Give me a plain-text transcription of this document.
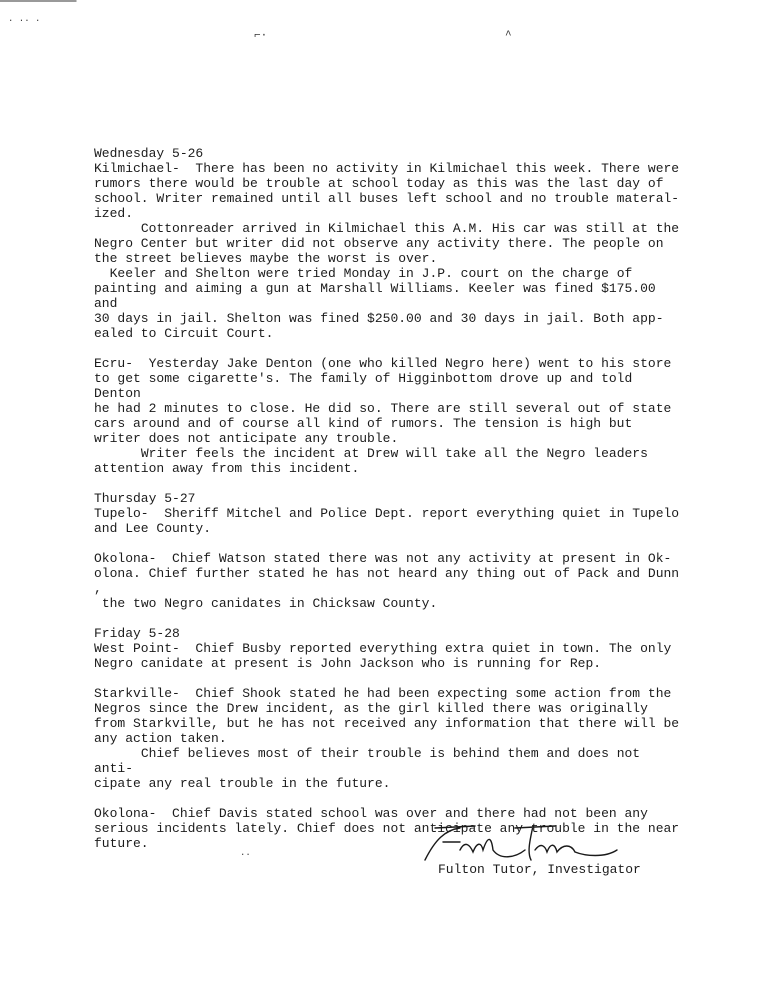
· ·· ·
⌐·	^
··
Wednesday 5-26
Kilmichael-  There has been no activity in Kilmichael this week. There were
rumors there would be trouble at school today as this was the last day of
school. Writer remained until all buses left school and no trouble materal-
ized.
Cottonreader arrived in Kilmichael this A.M. His car was still at the
Negro Center but writer did not observe any activity there. The people on
the street believes maybe the worst is over.
Keeler and Shelton were tried Monday in J.P. court on the charge of
painting and aiming a gun at Marshall Williams. Keeler was fined $175.00 and
30 days in jail. Shelton was fined $250.00 and 30 days in jail. Both app-
ealed to Circuit Court.
Ecru-  Yesterday Jake Denton (one who killed Negro here) went to his store
to get some cigarette's. The family of Higginbottom drove up and told Denton
he had 2 minutes to close. He did so. There are still several out of state
cars around and of course all kind of rumors. The tension is high but
writer does not anticipate any trouble.
Writer feels the incident at Drew will take all the Negro leaders
attention away from this incident.
Thursday 5-27
Tupelo-  Sheriff Mitchel and Police Dept. report everything quiet in Tupelo
and Lee County.
Okolona-  Chief Watson stated there was not any activity at present in Ok-
olona. Chief further stated he has not heard any thing out of Pack and Dunn ,
the two Negro canidates in Chicksaw County.
Friday 5-28
West Point-  Chief Busby reported everything extra quiet in town. The only
Negro canidate at present is John Jackson who is running for Rep.
Starkville-  Chief Shook stated he had been expecting some action from the
Negros since the Drew incident, as the girl killed there was originally
from Starkville, but he has not received any information that there will be
any action taken.
Chief believes most of their trouble is behind them and does not anti-
cipate any real trouble in the future.
Okolona-  Chief Davis stated school was over and there had not been any
serious incidents lately. Chief does not anticipate any trouble in the near
future.
Fulton Tutor, Investigator
